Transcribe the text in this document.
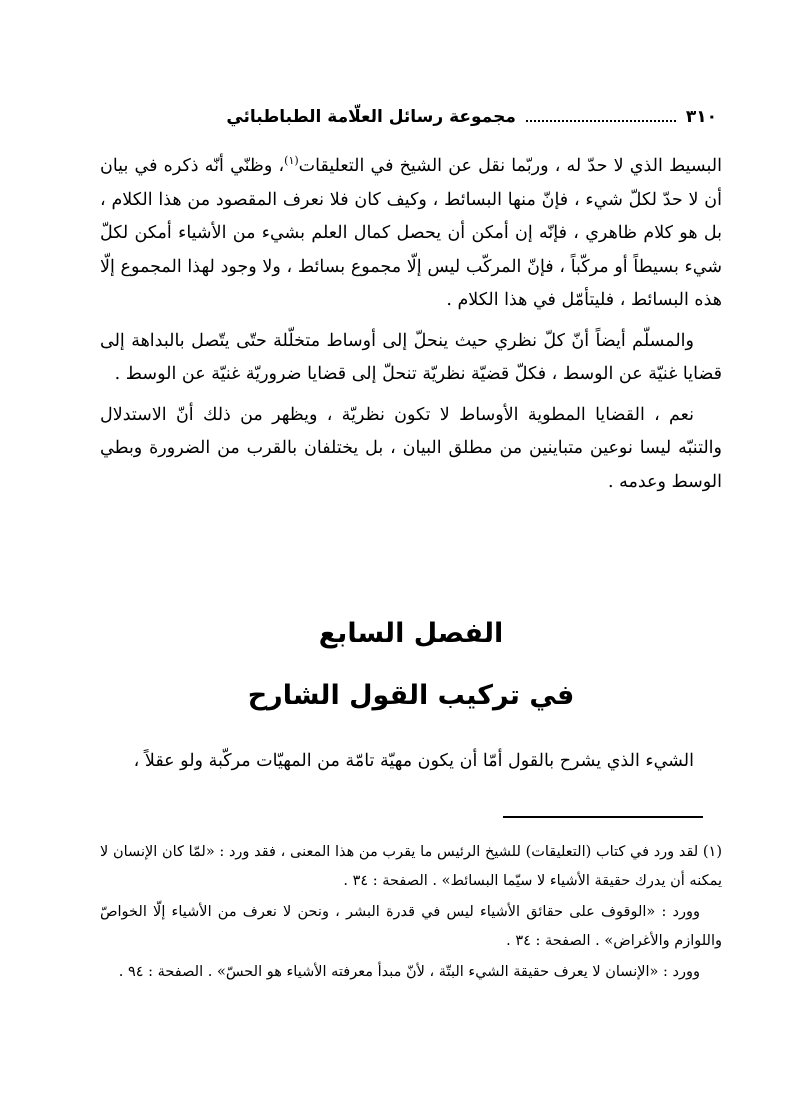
٣١٠
مجموعة رسائل العلّامة الطباطبائي

البسيط الذي لا حدّ له ، وربّما نقل عن الشيخ في التعليقات$^{(١)}$، وظنّي أنّه ذكره في بيان أن لا حدّ لكلّ شيء ، فإنّ منها البسائط ، وكيف كان فلا نعرف المقصود من هذا الكلام ، بل هو كلام ظاهري ، فإنّه إن أمكن أن يحصل كمال العلم بشيء من الأشياء أمكن لكلّ شيء بسيطاً أو مركّباً ، فإنّ المركّب ليس إلّا مجموع بسائط ، ولا وجود لهذا المجموع إلّا هذه البسائط ، فليتأمّل في هذا الكلام .

والمسلّم أيضاً أنّ كلّ نظري حيث ينحلّ إلى أوساط متخلّلة حتّى يتّصل بالبداهة إلى قضايا غنيّة عن الوسط ، فكلّ قضيّة نظريّة تنحلّ إلى قضايا ضروريّة غنيّة عن الوسط .

نعم ، القضايا المطوية الأوساط لا تكون نظريّة ، ويظهر من ذلك أنّ الاستدلال والتنبّه ليسا نوعين متباينين من مطلق البيان ، بل يختلفان بالقرب من الضرورة وبطي الوسط وعدمه .

الفصل السابع
في تركيب القول الشارح
الشيء الذي يشرح بالقول أمّا أن يكون مهيّة تامّة من المهيّات مركّبة ولو عقلاً ،

(١) لقد ورد في كتاب (التعليقات) للشيخ الرئيس ما يقرب من هذا المعنى ، فقد ورد : «لمّا كان الإنسان لا يمكنه أن يدرك حقيقة الأشياء لا سيّما البسائط» . الصفحة : ٣٤ .

وورد : «الوقوف على حقائق الأشياء ليس في قدرة البشر ، ونحن لا نعرف من الأشياء إلّا الخواصّ واللوازم والأغراض» . الصفحة : ٣٤ .

وورد : «الإنسان لا يعرف حقيقة الشيء البتّة ، لأنّ مبدأ معرفته الأشياء هو الحسّ» . الصفحة : ٩٤ .
